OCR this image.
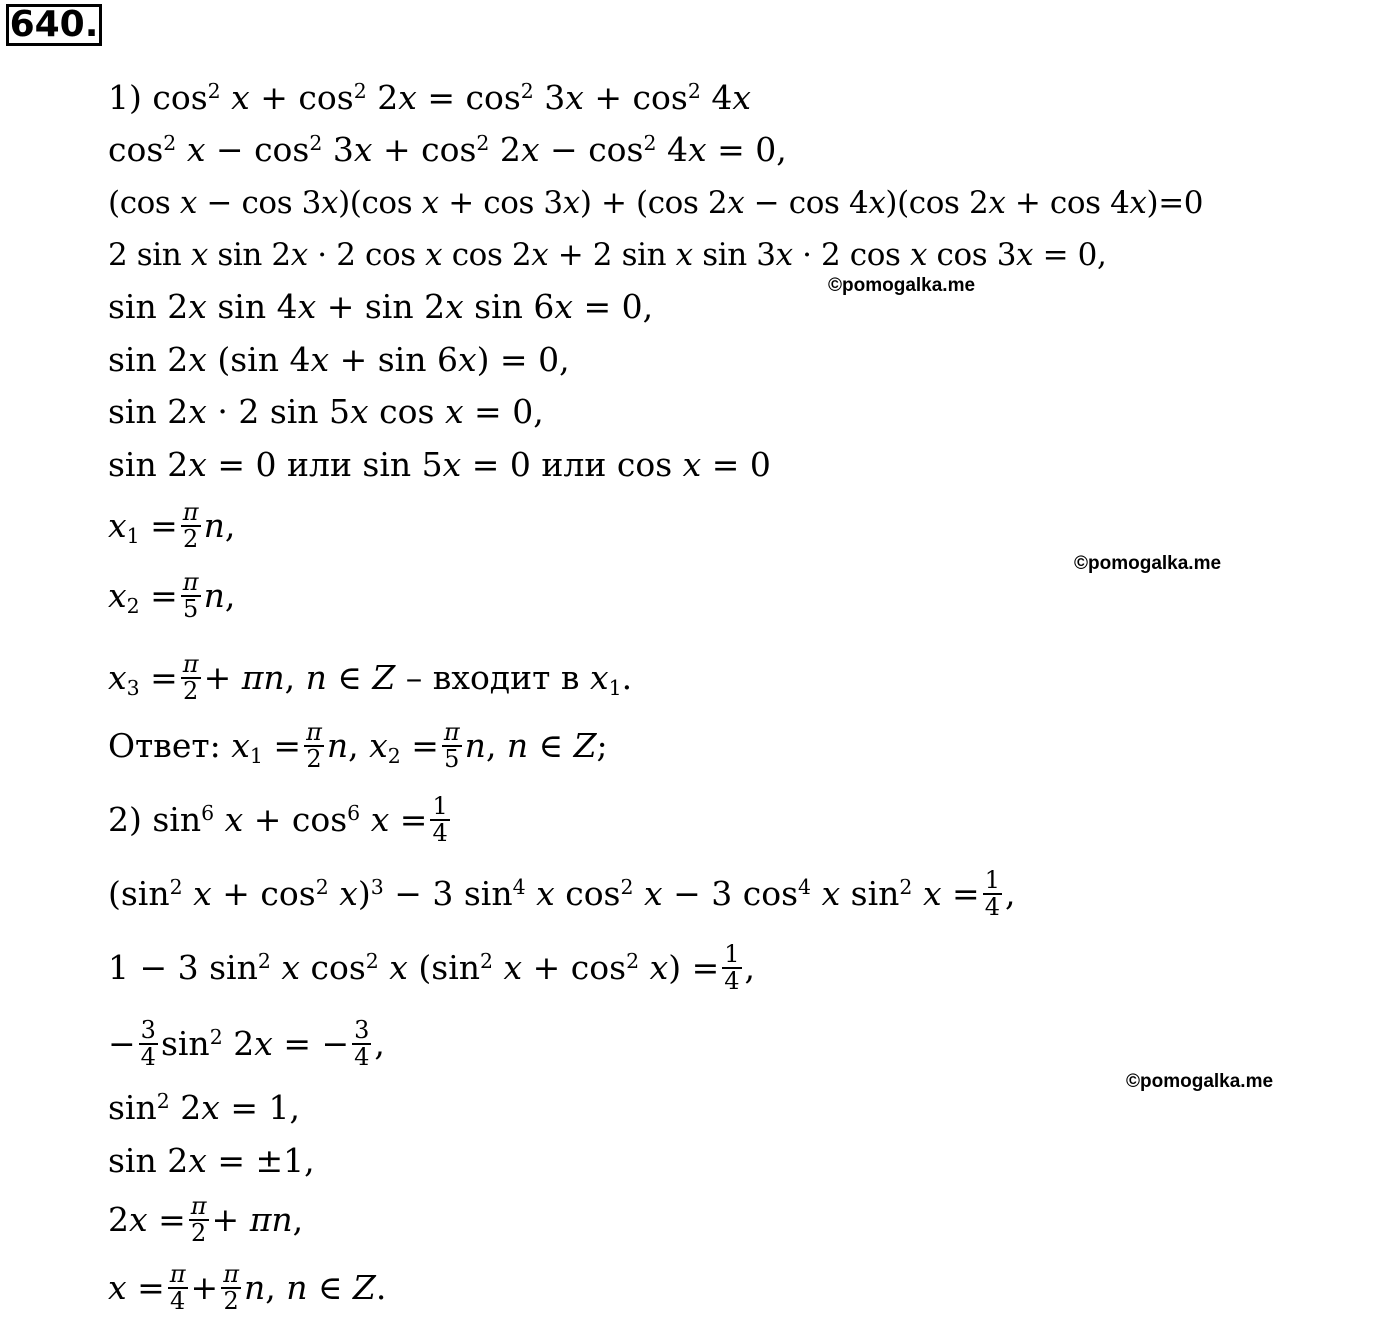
640.
©pomogalka.me
©pomogalka.me
©pomogalka.me
1) $\cos^2 x + \cos^2 2x = \cos^2 3x + \cos^2 4x$
$\cos^2 x - \cos^2 3x + \cos^2 2x - \cos^2 4x = 0$,
(cos x − cos 3x)(cos x + cos 3x) + (cos 2x − cos 4x)(cos 2x + cos 4x)=0
2 sin x sin 2x · 2 cos x cos 2x + 2 sin x sin 3x · 2 cos x cos 3x = 0,
sin 2x sin 4x + sin 2x sin 6x = 0,
sin 2x (sin 4x + sin 6x) = 0,
sin 2x · 2 sin 5x cos x = 0,
sin 2x = 0 или sin 5x = 0 или cos x = 0
$x_1 = \frac{\pi}{2} n$,
$x_2 = \frac{\pi}{5} n$,
$x_3 = \frac{\pi}{2} + \pi n$, n ∈ Z – входит в $x_1$.
Ответ: $x_1 = \frac{\pi}{2} n$, $x_2 = \frac{\pi}{5} n$, n ∈ Z;
2) $\sin^6 x + \cos^6 x = \frac{1}{4}$
($\sin^2$ $x + \cos^2 x)^3 - 3$ $\sin^4 x$ $\cos^2 x - 3$ $\cos^4 x$ $\sin^2 x = \frac{1}{4}$ ,
1 − 3 $\sin^2 x$ $\cos^2 x$ ($\sin^2$ $x + \cos^2 x) = \frac{1}{4}$ ,
− $\frac{3}{4} \sin^2 2x$ = − $\frac{3}{4}$ ,
$\sin^2 2x = 1$,
sin 2x = ±1,
$2x = \frac{\pi}{2} + \pi n$,
$x = \frac{\pi}{4} + \frac{\pi}{2} n$, n ∈ Z.
